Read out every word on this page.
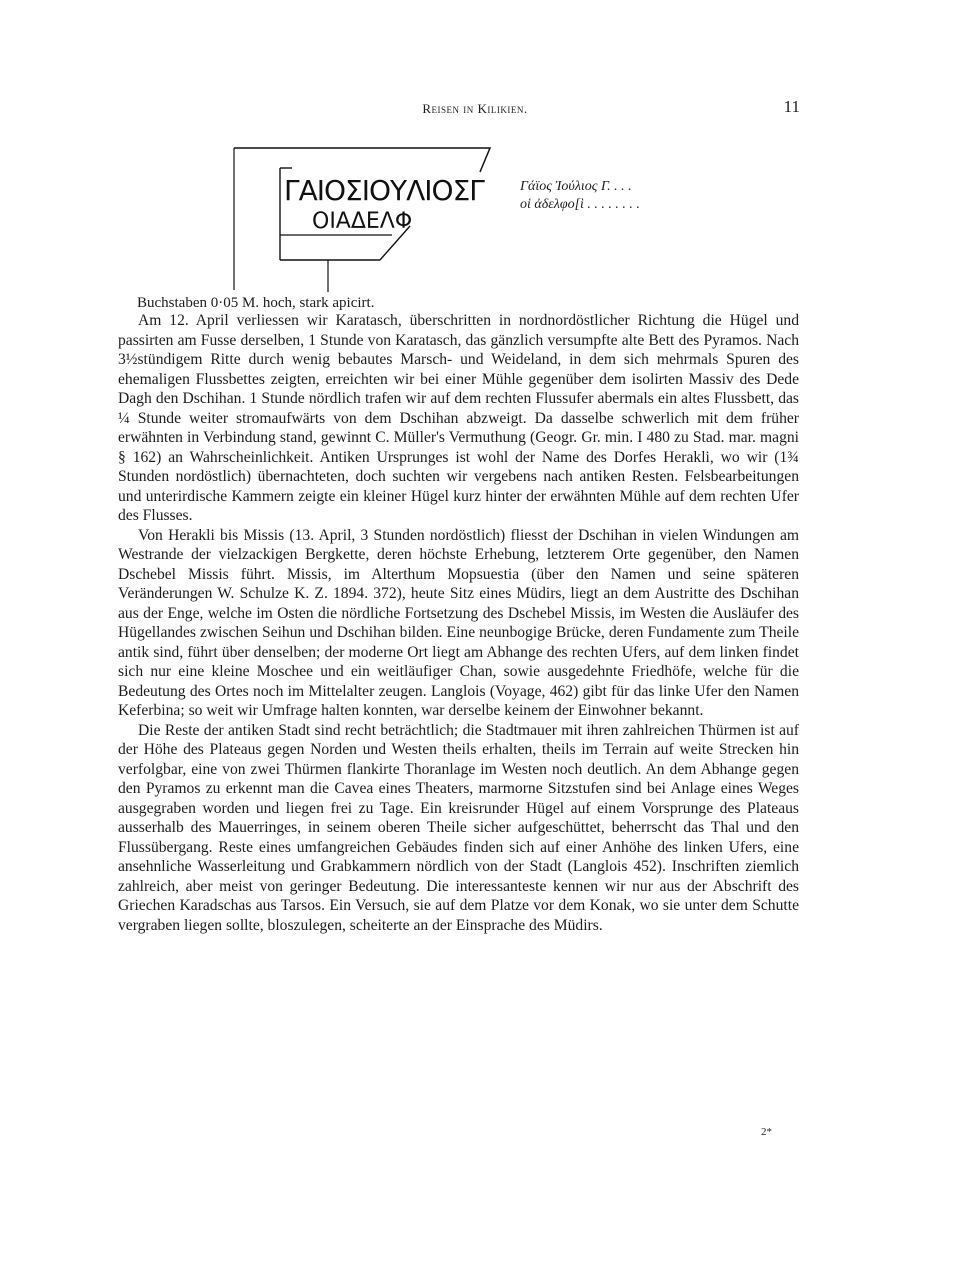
Reisen in Kilikien.	11
ΓΑΙΟΣΙΟΥΛΙΟΣΓ
ΟΙΑΔΕΛΦ
Γάϊος Ἰούλιος Γ. . . .
οἱ ἀδελφο[ὶ . . . . . . . .
Buchstaben 0·05 M. hoch, stark apicirt.

Am 12. April verliessen wir Karatasch, überschritten in nordnordöstlicher Richtung die Hügel und passirten am Fusse derselben, 1 Stunde von Karatasch, das gänzlich versumpfte alte Bett des Pyramos. Nach 3½stündigem Ritte durch wenig bebautes Marsch- und Weideland, in dem sich mehrmals Spuren des ehemaligen Flussbettes zeigten, erreichten wir bei einer Mühle gegenüber dem isolirten Massiv des Dede Dagh den Dschihan. 1 Stunde nördlich trafen wir auf dem rechten Flussufer abermals ein altes Flussbett, das ¼ Stunde weiter stromaufwärts von dem Dschihan abzweigt. Da dasselbe schwerlich mit dem früher erwähnten in Verbindung stand, gewinnt C. Müller's Vermuthung (Geogr. Gr. min. I 480 zu Stad. mar. magni § 162) an Wahrscheinlichkeit. Antiken Ursprunges ist wohl der Name des Dorfes Herakli, wo wir (1¾ Stunden nordöstlich) übernachteten, doch suchten wir vergebens nach antiken Resten. Felsbearbeitungen und unterirdische Kammern zeigte ein kleiner Hügel kurz hinter der erwähnten Mühle auf dem rechten Ufer des Flusses.

Von Herakli bis Missis (13. April, 3 Stunden nordöstlich) fliesst der Dschihan in vielen Windungen am Westrande der vielzackigen Bergkette, deren höchste Erhebung, letzterem Orte gegenüber, den Namen Dschebel Missis führt. Missis, im Alterthum Mopsuestia (über den Namen und seine späteren Veränderungen W. Schulze K. Z. 1894. 372), heute Sitz eines Müdirs, liegt an dem Austritte des Dschihan aus der Enge, welche im Osten die nördliche Fortsetzung des Dschebel Missis, im Westen die Ausläufer des Hügellandes zwischen Seihun und Dschihan bilden. Eine neunbogige Brücke, deren Fundamente zum Theile antik sind, führt über denselben; der moderne Ort liegt am Abhange des rechten Ufers, auf dem linken findet sich nur eine kleine Moschee und ein weitläufiger Chan, sowie ausgedehnte Friedhöfe, welche für die Bedeutung des Ortes noch im Mittelalter zeugen. Langlois (Voyage, 462) gibt für das linke Ufer den Namen Keferbina; so weit wir Umfrage halten konnten, war derselbe keinem der Einwohner bekannt.

Die Reste der antiken Stadt sind recht beträchtlich; die Stadtmauer mit ihren zahlreichen Thürmen ist auf der Höhe des Plateaus gegen Norden und Westen theils erhalten, theils im Terrain auf weite Strecken hin verfolgbar, eine von zwei Thürmen flankirte Thoranlage im Westen noch deutlich. An dem Abhange gegen den Pyramos zu erkennt man die Cavea eines Theaters, marmorne Sitzstufen sind bei Anlage eines Weges ausgegraben worden und liegen frei zu Tage. Ein kreisrunder Hügel auf einem Vorsprunge des Plateaus ausserhalb des Mauerringes, in seinem oberen Theile sicher aufgeschüttet, beherrscht das Thal und den Flussübergang. Reste eines umfangreichen Gebäudes finden sich auf einer Anhöhe des linken Ufers, eine ansehnliche Wasserleitung und Grabkammern nördlich von der Stadt (Langlois 452). Inschriften ziemlich zahlreich, aber meist von geringer Bedeutung. Die interessanteste kennen wir nur aus der Abschrift des Griechen Karadschas aus Tarsos. Ein Versuch, sie auf dem Platze vor dem Konak, wo sie unter dem Schutte vergraben liegen sollte, bloszulegen, scheiterte an der Einsprache des Müdirs.

2*
